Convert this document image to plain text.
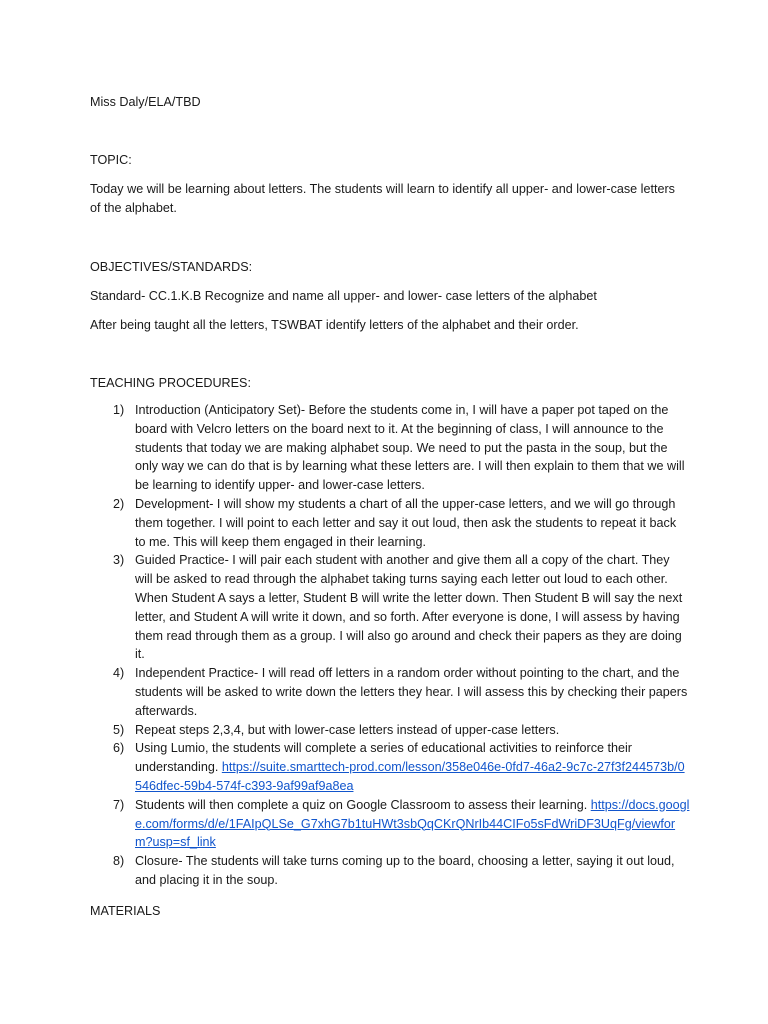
Miss Daly/ELA/TBD

TOPIC:

Today we will be learning about letters. The students will learn to identify all upper- and lower-case letters of the alphabet.

OBJECTIVES/STANDARDS:

Standard- CC.1.K.B Recognize and name all upper- and lower- case letters of the alphabet

After being taught all the letters, TSWBAT identify letters of the alphabet and their order.

TEACHING PROCEDURES:

1) Introduction (Anticipatory Set)- Before the students come in, I will have a paper pot taped on the board with Velcro letters on the board next to it. At the beginning of class, I will announce to the students that today we are making alphabet soup. We need to put the pasta in the soup, but the only way we can do that is by learning what these letters are. I will then explain to them that we will be learning to identify upper- and lower-case letters.
2) Development- I will show my students a chart of all the upper-case letters, and we will go through them together. I will point to each letter and say it out loud, then ask the students to repeat it back to me. This will keep them engaged in their learning.
3) Guided Practice- I will pair each student with another and give them all a copy of the chart. They will be asked to read through the alphabet taking turns saying each letter out loud to each other. When Student A says a letter, Student B will write the letter down. Then Student B will say the next letter, and Student A will write it down, and so forth. After everyone is done, I will assess by having them read through them as a group. I will also go around and check their papers as they are doing it.
4) Independent Practice- I will read off letters in a random order without pointing to the chart, and the students will be asked to write down the letters they hear. I will assess this by checking their papers afterwards.
5) Repeat steps 2,3,4, but with lower-case letters instead of upper-case letters.
6) Using Lumio, the students will complete a series of educational activities to reinforce their understanding. https://suite.smarttech-prod.com/lesson/358e046e-0fd7-46a2-9c7c-27f3f244573b/0546dfec-59b4-574f-c393-9af99af9a8ea
7) Students will then complete a quiz on Google Classroom to assess their learning. https://docs.google.com/forms/d/e/1FAIpQLSe_G7xhG7b1tuHWt3sbQqCKrQNrIb44CIFo5sFdWriDF3UqFg/viewform?usp=sf_link
8) Closure- The students will take turns coming up to the board, choosing a letter, saying it out loud, and placing it in the soup.

MATERIALS
